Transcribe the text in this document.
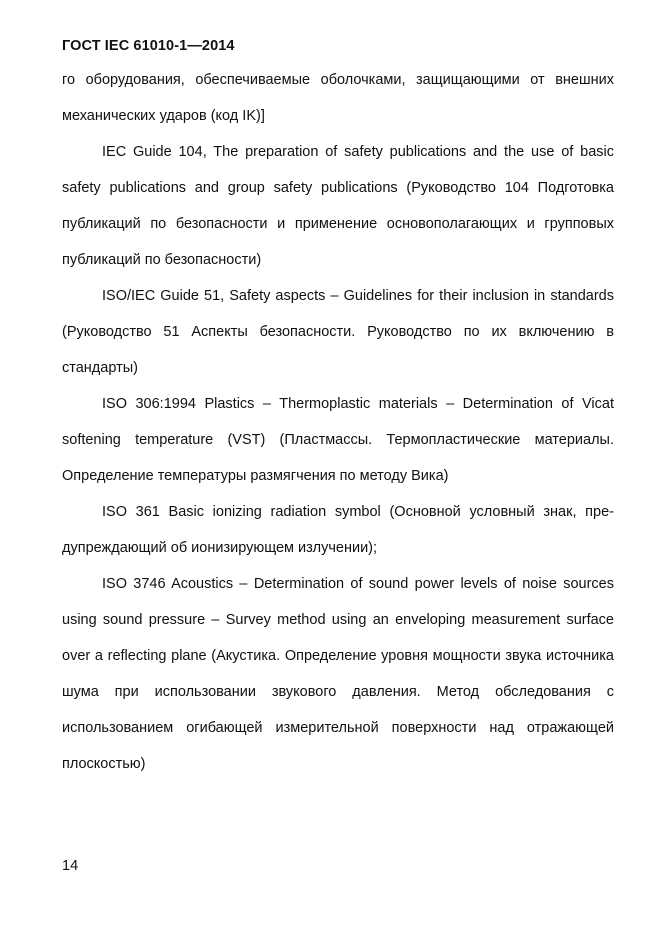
ГОСТ IEC 61010-1—2014

го оборудования, обеспечиваемые оболочками, защищающими от внешних механических ударов (код IK)]

IEC Guide 104, The preparation of safety publications and the use of basic safety publications and group safety publications (Руководство 104 Подготовка публикаций по безопасности и применение основополагающих и групповых публикаций по безопасности)

ISO/IEC Guide 51, Safety aspects – Guidelines for their inclusion in standards (Руководство 51 Аспекты безопасности. Руководство по их включению в стандарты)

ISO 306:1994 Plastics – Thermoplastic materials – Determination of Vicat softening temperature (VST) (Пластмассы. Термопластические материалы. Определение температуры размягчения по методу Вика)

ISO 361 Basic ionizing radiation symbol (Основной условный знак, предупреждающий об ионизирующем излучении);

ISO 3746 Acoustics – Determination of sound power levels of noise sources using sound pressure – Survey method using an enveloping measurement surface over a reflecting plane (Акустика. Определение уровня мощности звука источника шума при использовании звукового давления. Метод обследования с использованием огибающей измерительной поверхности над отражающей плоскостью)

14
